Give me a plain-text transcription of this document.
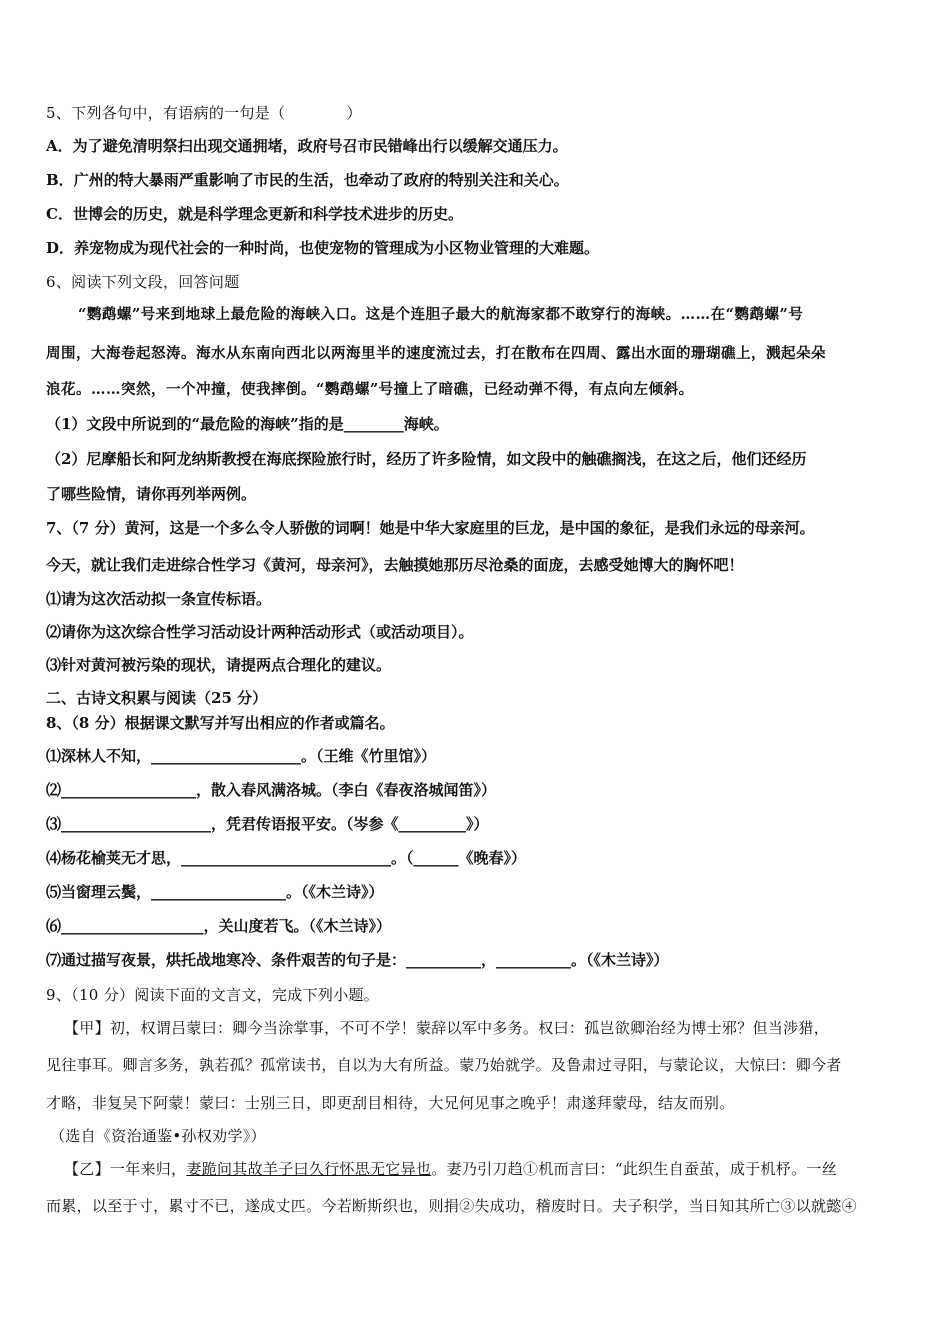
5、下列各句中，有语病的一句是（　　　　）
A．为了避免清明祭扫出现交通拥堵，政府号召市民错峰出行以缓解交通压力。
B．广州的特大暴雨严重影响了市民的生活，也牵动了政府的特别关注和关心。
C．世博会的历史，就是科学理念更新和科学技术进步的历史。
D．养宠物成为现代社会的一种时尚，也使宠物的管理成为小区物业管理的大难题。
6、阅读下列文段，回答问题
“鹦鹉螺”号来到地球上最危险的海峡入口。这是个连胆子最大的航海家都不敢穿行的海峡。……在“鹦鹉螺”号
周围，大海卷起怒涛。海水从东南向西北以两海里半的速度流过去，打在散布在四周、露出水面的珊瑚礁上，溅起朵朵
浪花。……突然，一个冲撞，使我摔倒。“鹦鹉螺”号撞上了暗礁，已经动弹不得，有点向左倾斜。
（1）文段中所说到的“最危险的海峡”指的是________海峡。
（2）尼摩船长和阿龙纳斯教授在海底探险旅行时，经历了许多险情，如文段中的触礁搁浅，在这之后，他们还经历
了哪些险情，请你再列举两例。
7、（7 分）黄河，这是一个多么令人骄傲的词啊！她是中华大家庭里的巨龙，是中国的象征，是我们永远的母亲河。
今天，就让我们走进综合性学习《黄河，母亲河》，去触摸她那历尽沧桑的面庞，去感受她博大的胸怀吧！
⑴请为这次活动拟一条宣传标语。
⑵请你为这次综合性学习活动设计两种活动形式（或活动项目）。
⑶针对黄河被污染的现状，请提两点合理化的建议。
二、古诗文积累与阅读（25 分）
8、（8 分）根据课文默写并写出相应的作者或篇名。
⑴深林人不知，____________________。（王维《竹里馆》）
⑵__________________，散入春风满洛城。（李白《春夜洛城闻笛》）
⑶____________________，凭君传语报平安。（岑参《_________》）
⑷杨花榆荚无才思，____________________________。（______《晚春》）
⑸当窗理云鬓，__________________。（《木兰诗》）
⑹___________________，关山度若飞。（《木兰诗》）
⑺通过描写夜景，烘托战地寒冷、条件艰苦的句子是：__________，__________。（《木兰诗》）
9、（10 分）阅读下面的文言文，完成下列小题。
【甲】初，权谓吕蒙曰：卿今当涂掌事，不可不学！蒙辞以军中多务。权曰：孤岂欲卿治经为博士邪？但当涉猎，
见往事耳。卿言多务，孰若孤？孤常读书，自以为大有所益。蒙乃始就学。及鲁肃过寻阳，与蒙论议，大惊曰：卿今者
才略，非复吴下阿蒙！蒙曰：士别三日，即更刮目相待，大兄何见事之晚乎！肃遂拜蒙母，结友而别。
（选自《资治通鉴•孙权劝学》）
【乙】一年来归，妻跪问其故羊子曰久行怀思无它异也。妻乃引刀趋①机而言曰：“此织生自蚕茧，成于机杼。一丝
而累，以至于寸，累寸不已，遂成丈匹。今若断斯织也，则捐②失成功，稽废时日。夫子积学，当日知其所亡③以就懿④
